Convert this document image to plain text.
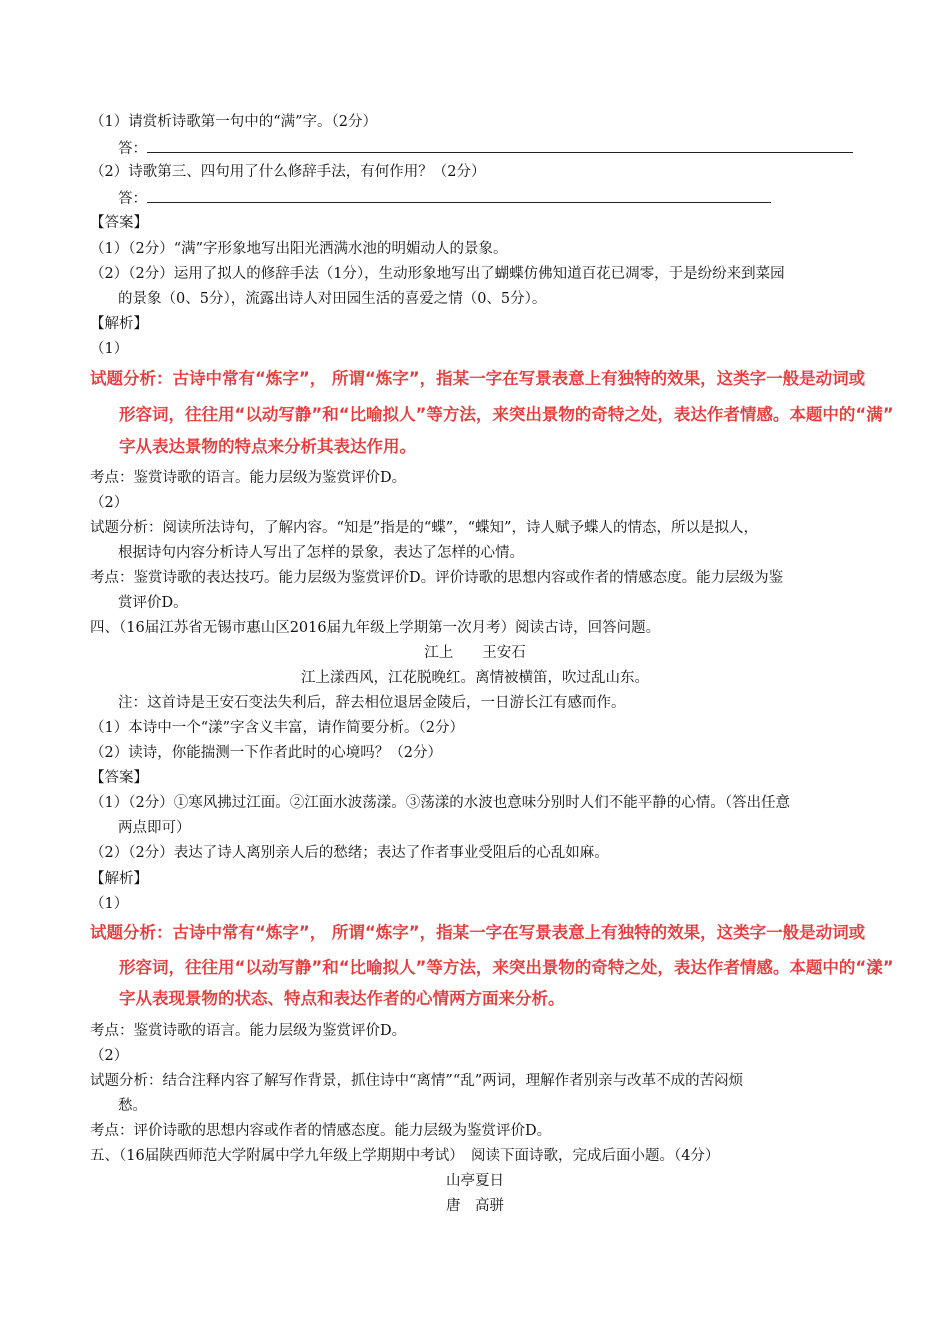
（1）请赏析诗歌第一句中的“满”字。（2分）
答：
（2）诗歌第三、四句用了什么修辞手法，有何作用？（2分）
答：
【答案】
（1）（2分）“满”字形象地写出阳光洒满水池的明媚动人的景象。
（2）（2分）运用了拟人的修辞手法（1分），生动形象地写出了蝴蝶仿佛知道百花已凋零，于是纷纷来到菜园
的景象（0、5分），流露出诗人对田园生活的喜爱之情（0、5分）。
【解析】
（1）
试题分析：古诗中常有“炼字”， 所谓“炼字”，指某一字在写景表意上有独特的效果，这类字一般是动词或
形容词，往往用“以动写静”和“比喻拟人”等方法，来突出景物的奇特之处，表达作者情感。本题中的“满”
字从表达景物的特点来分析其表达作用。
考点：鉴赏诗歌的语言。能力层级为鉴赏评价D。
（2）
试题分析：阅读所法诗句，了解内容。“知是”指是的“蝶”，“蝶知”，诗人赋予蝶人的情态，所以是拟人，
根据诗句内容分析诗人写出了怎样的景象，表达了怎样的心情。
考点：鉴赏诗歌的表达技巧。能力层级为鉴赏评价D。评价诗歌的思想内容或作者的情感态度。能力层级为鉴
赏评价D。
四、（16届江苏省无锡市惠山区2016届九年级上学期第一次月考）阅读古诗，回答问题。
江上　　王安石
江上漾西风，江花脱晚红。离情被横笛，吹过乱山东。
注：这首诗是王安石变法失利后，辞去相位退居金陵后，一日游长江有感而作。
（1）本诗中一个“漾”字含义丰富，请作简要分析。（2分）
（2）读诗，你能揣测一下作者此时的心境吗？（2分）
【答案】
（1）（2分）①寒风拂过江面。②江面水波荡漾。③荡漾的水波也意味分别时人们不能平静的心情。（答出任意
两点即可）
（2）（2分）表达了诗人离别亲人后的愁绪；表达了作者事业受阻后的心乱如麻。
【解析】
（1）
试题分析：古诗中常有“炼字”， 所谓“炼字”，指某一字在写景表意上有独特的效果，这类字一般是动词或
形容词，往往用“以动写静”和“比喻拟人”等方法，来突出景物的奇特之处，表达作者情感。本题中的“漾”
字从表现景物的状态、特点和表达作者的心情两方面来分析。
考点：鉴赏诗歌的语言。能力层级为鉴赏评价D。
（2）
试题分析：结合注释内容了解写作背景，抓住诗中“离情”“乱”两词，理解作者别亲与改革不成的苦闷烦
愁。
考点：评价诗歌的思想内容或作者的情感态度。能力层级为鉴赏评价D。
五、（16届陕西师范大学附属中学九年级上学期期中考试）　阅读下面诗歌，完成后面小题。（4分）
山亭夏日
唐　高骈
